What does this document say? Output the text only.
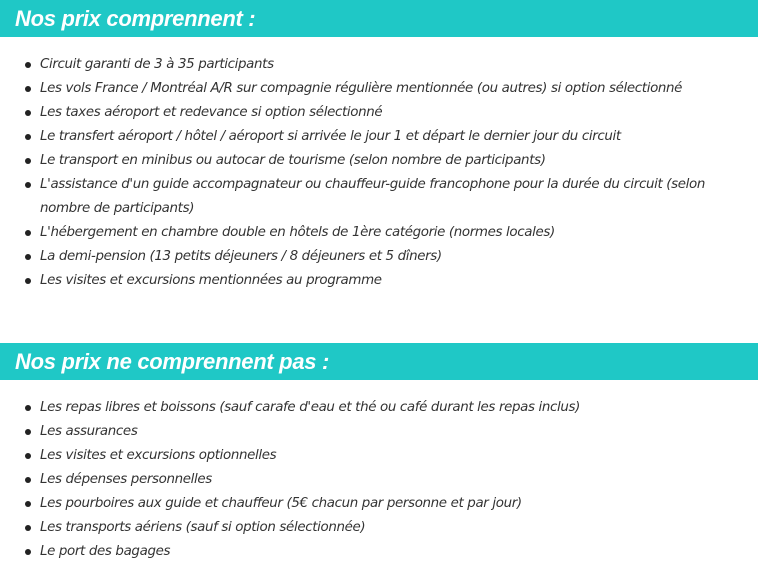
Nos prix comprennent :
Circuit garanti de 3 à 35 participants
Les vols France / Montréal A/R sur compagnie régulière mentionnée (ou autres) si option sélectionné
Les taxes aéroport et redevance si option sélectionné
Le transfert aéroport / hôtel / aéroport si arrivée le jour 1 et départ le dernier jour du circuit
Le transport en minibus ou autocar de tourisme (selon nombre de participants)
L'assistance d'un guide accompagnateur ou chauffeur-guide francophone pour la durée du circuit (selon nombre de participants)
L'hébergement en chambre double en hôtels de 1ère catégorie (normes locales)
La demi-pension (13 petits déjeuners / 8 déjeuners et 5 dîners)
Les visites et excursions mentionnées au programme
Nos prix ne comprennent pas :
Les repas libres et boissons (sauf carafe d'eau et thé ou café durant les repas inclus)
Les assurances
Les visites et excursions optionnelles
Les dépenses personnelles
Les pourboires aux guide et chauffeur (5€ chacun par personne et par jour)
Les transports aériens (sauf si option sélectionnée)
Le port des bagages
